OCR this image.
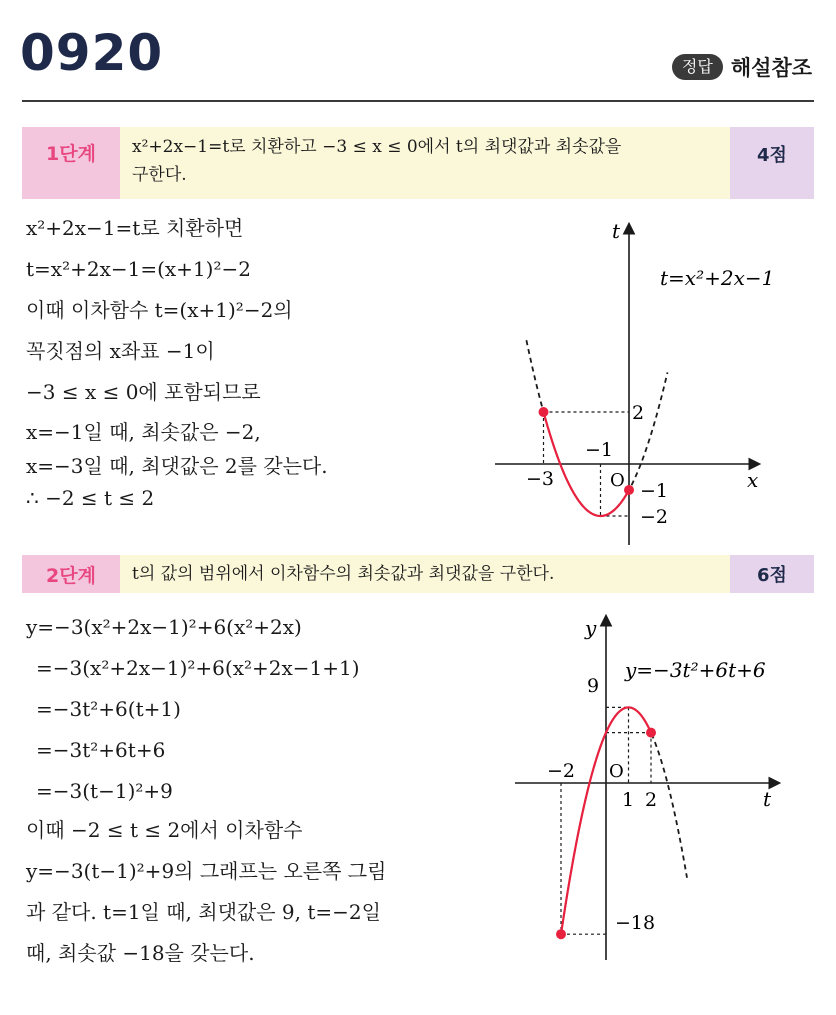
0920	정답 해설참조
1단계	x²+2x−1=t로 치환하고 −3 ≤ x ≤ 0에서 t의 최댓값과 최솟값을
구한다.
4점
x²+2x−1=t로 치환하면
t=x²+2x−1=(x+1)²−2
이때 이차함수 t=(x+1)²−2의
꼭짓점의 x좌표 −1이
−3 ≤ x ≤ 0에 포함되므로
x=−1일 때, 최솟값은 −2,
x=−3일 때, 최댓값은 2를 갖는다.
∴ −2 ≤ t ≤ 2
t=x²+2x−1
t
x
O
−3
−1
2
−1
−2
2단계	t의 값의 범위에서 이차함수의 최솟값과 최댓값을 구한다.	6점
y=−3(x²+2x−1)²+6(x²+2x)
=−3(x²+2x−1)²+6(x²+2x−1+1)
=−3t²+6(t+1)
=−3t²+6t+6
=−3(t−1)²+9
이때 −2 ≤ t ≤ 2에서 이차함수
y=−3(t−1)²+9의 그래프는 오른쪽 그림
과 같다. t=1일 때, 최댓값은 9, t=−2일
때, 최솟값 −18을 갖는다.
y=−3t²+6t+6
y
t
O
−2
1 2
9
−18
